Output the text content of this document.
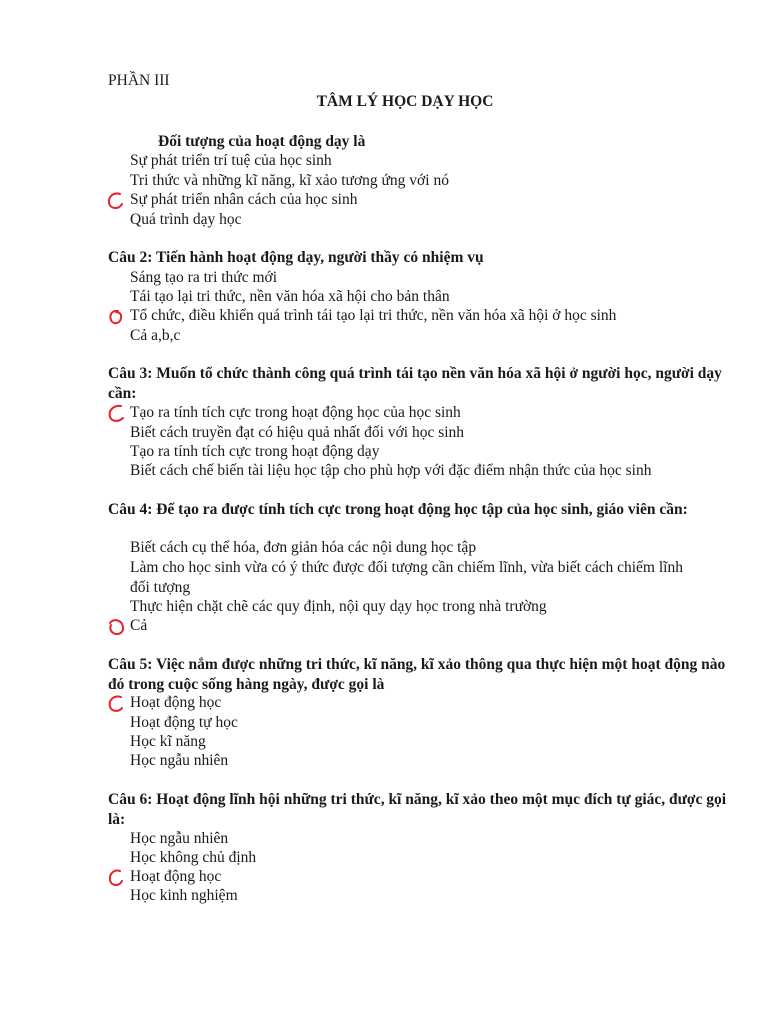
PHẦN III
TÂM LÝ HỌC DẠY HỌC
Đối tượng của hoạt động dạy là
Sự phát triển trí tuệ của học sinh
Tri thức và những kĩ năng, kĩ xảo tương ứng với nó
Sự phát triển nhân cách của học sinh
Quá trình dạy học
Câu 2: Tiến hành hoạt động dạy, người thầy có nhiệm vụ
Sáng tạo ra tri thức mới
Tái tạo lại tri thức, nền văn hóa xã hội cho bản thân
Tổ chức, điều khiển quá trình tái tạo lại tri thức, nền văn hóa xã hội ở học sinh
Cả a,b,c
Câu 3: Muốn tổ chức thành công quá trình tái tạo nền văn hóa xã hội ở người học, người dạy cần:
Tạo ra tính tích cực trong hoạt động học của học sinh
Biết cách truyền đạt có hiệu quả nhất đối với học sinh
Tạo ra tính tích cực trong hoạt động dạy
Biết cách chế biến tài liệu học tập cho phù hợp với đặc điểm nhận thức của học sinh
Câu 4: Để tạo ra được tính tích cực trong hoạt động học tập của học sinh, giáo viên cần:
Biết cách cụ thể hóa, đơn giản hóa các nội dung học tập
Làm cho học sinh vừa có ý thức được đối tượng cần chiếm lĩnh, vừa biết cách chiếm lĩnh đối tượng
Thực hiện chặt chẽ các quy định, nội quy dạy học trong nhà trường
Cả
Câu 5: Việc nắm được những tri thức, kĩ năng, kĩ xảo thông qua thực hiện một hoạt động nào đó trong cuộc sống hàng ngày, được gọi là
Hoạt động học
Hoạt động tự học
Học kĩ năng
Học ngẫu nhiên
Câu 6: Hoạt động lĩnh hội những tri thức, kĩ năng, kĩ xảo theo một mục đích tự giác, được gọi là:
Học ngẫu nhiên
Học không chủ định
Hoạt động học
Học kinh nghiệm
